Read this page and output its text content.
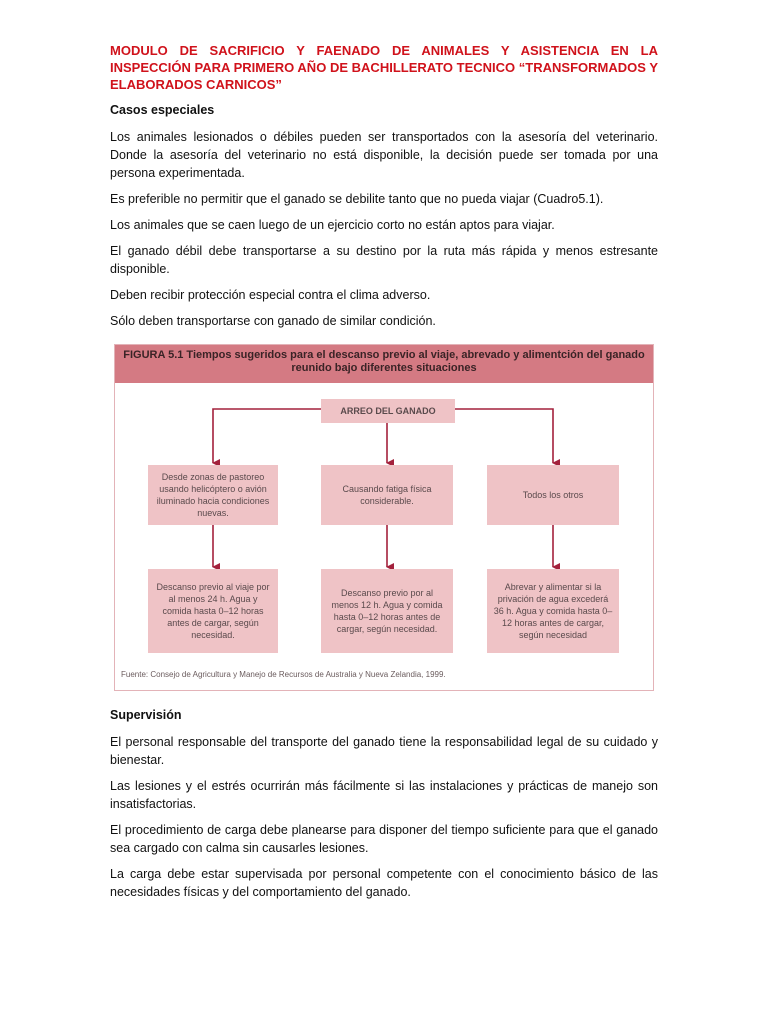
MODULO DE SACRIFICIO Y FAENADO DE ANIMALES Y ASISTENCIA EN LA INSPECCIÓN PARA PRIMERO AÑO DE BACHILLERATO TECNICO “TRANSFORMADOS Y ELABORADOS CARNICOS”
Casos especiales

Los animales lesionados o débiles pueden ser transportados con la asesoría del veterinario. Donde la asesoría del veterinario no está disponible, la decisión puede ser tomada por una persona experimentada.

Es preferible no permitir que el ganado se debilite tanto que no pueda viajar (Cuadro5.1).

Los animales que se caen luego de un ejercicio corto no están aptos para viajar.

El ganado débil debe transportarse a su destino por la ruta más rápida y menos estresante disponible.

Deben recibir protección especial contra el clima adverso.

Sólo deben transportarse con ganado de similar condición.

FIGURA 5.1 Tiempos sugeridos para el descanso previo al viaje, abrevado y alimentción del ganado reunido bajo diferentes situaciones
ARREO DEL GANADO
Desde zonas de pastoreo usando helicóptero o avión iluminado hacia condiciones nuevas.
Causando fatiga física considerable.
Todos los otros
Descanso previo al viaje por al menos 24 h. Agua y comida hasta 0–12 horas antes de cargar, según necesidad.
Descanso previo por al menos 12 h. Agua y comida hasta 0–12 horas antes de cargar, según necesidad.
Abrevar y alimentar si la privación de agua excederá 36 h. Agua y comida hasta 0–12 horas antes de cargar, según necesidad
Fuente: Consejo de Agricultura y Manejo de Recursos de Australia y Nueva Zelandia, 1999.
Supervisión

El personal responsable del transporte del ganado tiene la responsabilidad legal de su cuidado y bienestar.

Las lesiones y el estrés ocurrirán más fácilmente si las instalaciones y prácticas de manejo son insatisfactorias.

El procedimiento de carga debe planearse para disponer del tiempo suficiente para que el ganado sea cargado con calma sin causarles lesiones.

La carga debe estar supervisada por personal competente con el conocimiento básico de las necesidades físicas y del comportamiento del ganado.
